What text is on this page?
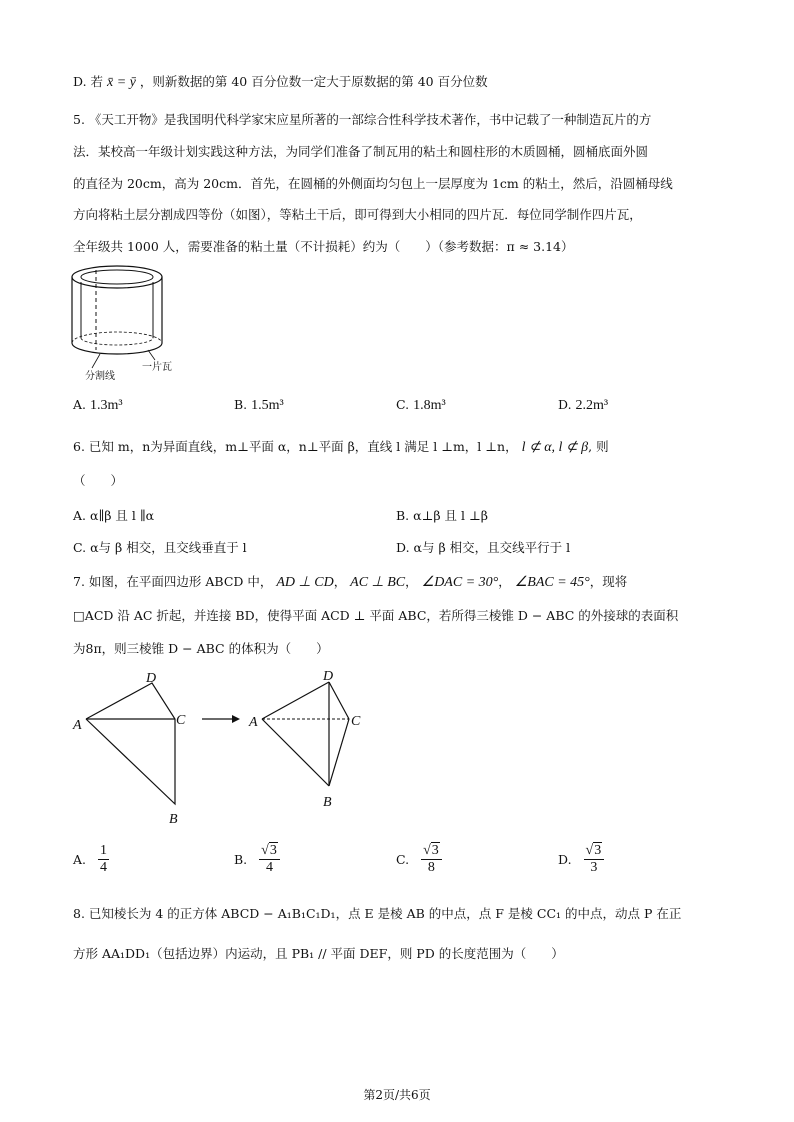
D. 若 x̄ = ȳ ，则新数据的第 40 百分位数一定大于原数据的第 40 百分位数
5. 《天工开物》是我国明代科学家宋应星所著的一部综合性科学技术著作，书中记载了一种制造瓦片的方
法．某校高一年级计划实践这种方法，为同学们准备了制瓦用的粘土和圆柱形的木质圆桶，圆桶底面外圆
的直径为 20cm，高为 20cm．首先，在圆桶的外侧面均匀包上一层厚度为 1cm 的粘土，然后，沿圆桶母线
方向将粘土层分割成四等份（如图），等粘土干后，即可得到大小相同的四片瓦．每位同学制作四片瓦，
全年级共 1000 人，需要准备的粘土量（不计损耗）约为（　　）（参考数据：π ≈ 3.14）
分割线
一片瓦
A. 1.3m³	B. 1.5m³	C. 1.8m³	D. 2.2m³
6. 已知 m，n为异面直线，m⊥平面 α，n⊥平面 β，直线 l 满足 l ⊥m，l ⊥n， l ⊄ α, l ⊄ β, 则
（　　）
A. α∥β 且 l ∥α	B. α⊥β 且 l ⊥β
C. α与 β 相交，且交线垂直于 l	D. α与 β 相交，且交线平行于 l
7. 如图，在平面四边形 ABCD 中， AD ⊥ CD， AC ⊥ BC， ∠DAC = 30°， ∠BAC = 45°，现将
□ACD 沿 AC 折起，并连接 BD，使得平面 ACD ⊥ 平面 ABC，若所得三棱锥 D − ABC 的外接球的表面积
为8π，则三棱锥 D − ABC 的体积为（　　）
A
D
C
B
A
D
C
B
A. $\frac{1}{4}$	B. $\frac{√3}{4}$	C. $\frac{√3}{8}$	D. $\frac{√3}{3}$
8. 已知棱长为 4 的正方体 ABCD − A₁B₁C₁D₁，点 E 是棱 AB 的中点，点 F 是棱 CC₁ 的中点，动点 P 在正
方形 AA₁DD₁（包括边界）内运动，且 PB₁ // 平面 DEF，则 PD 的长度范围为（　　）
第2页/共6页
